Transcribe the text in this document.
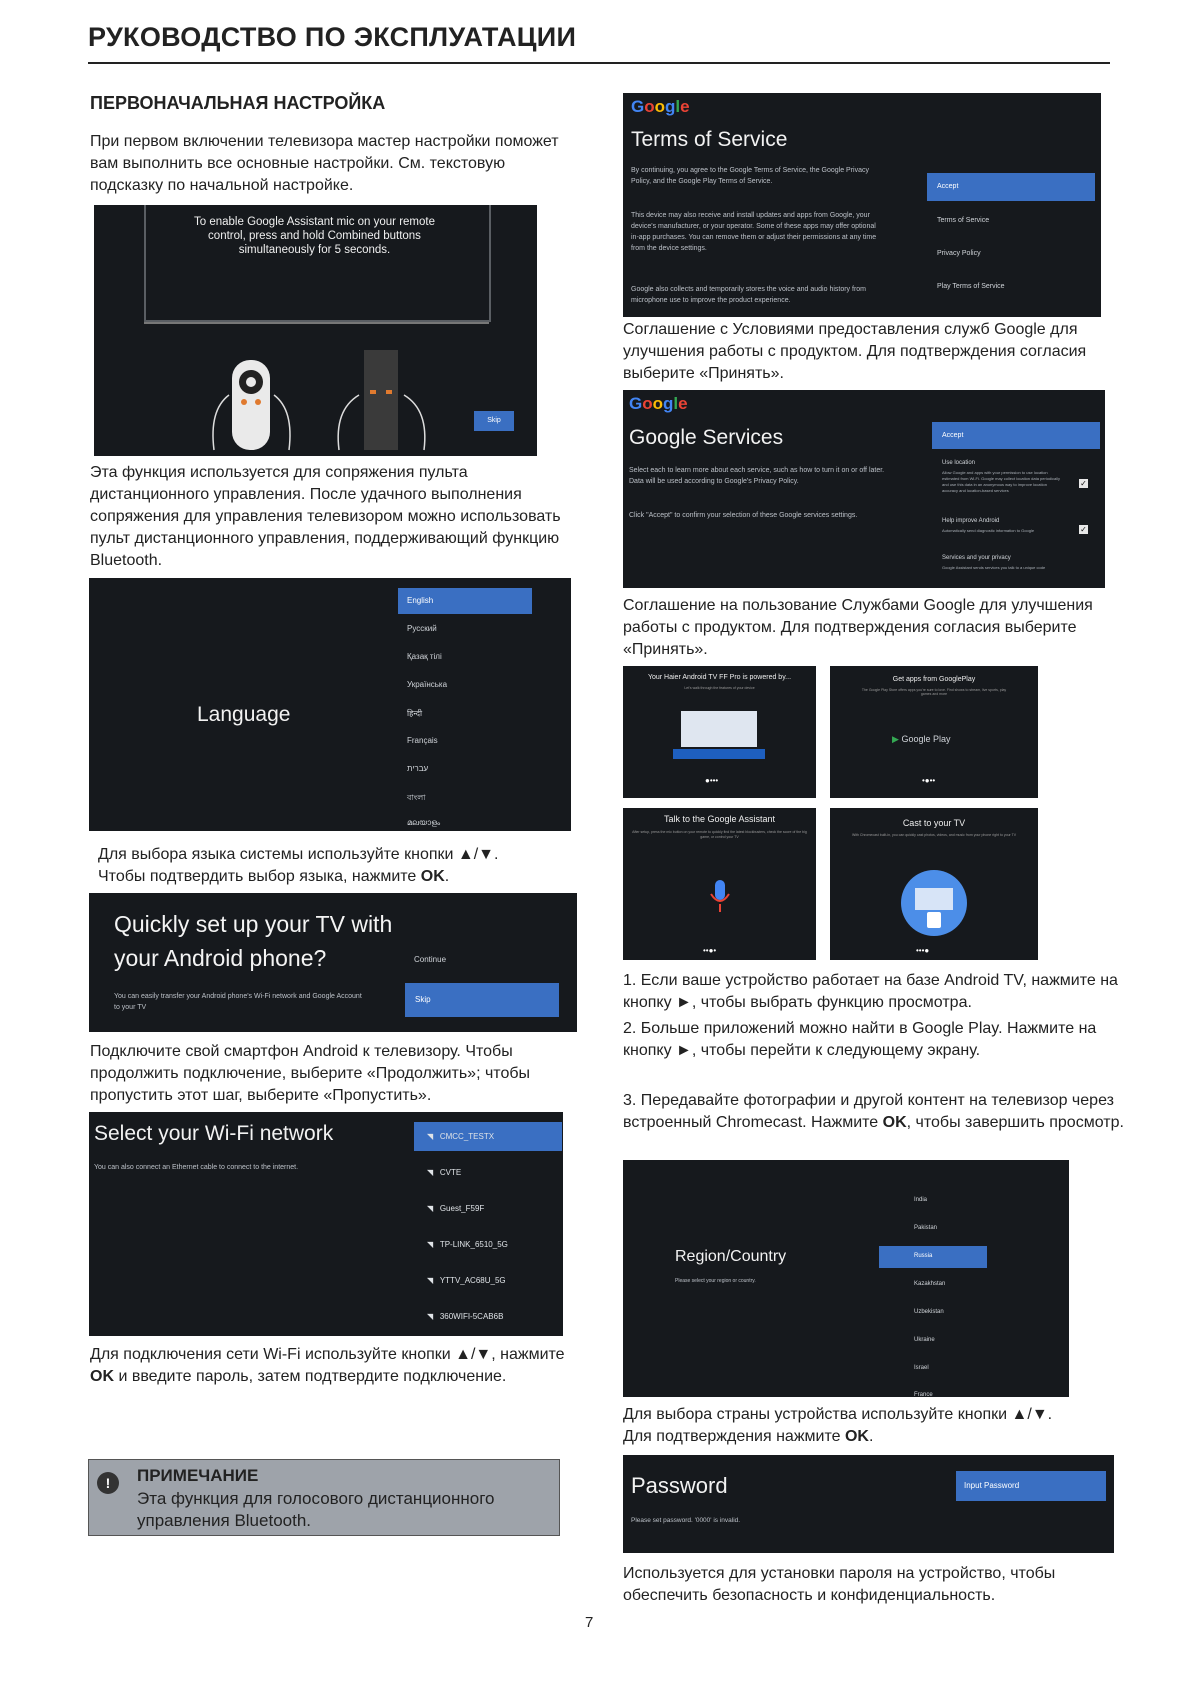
РУКОВОДСТВО ПО ЭКСПЛУАТАЦИИ
ПЕРВОНАЧАЛЬНАЯ НАСТРОЙКА
При первом включении телевизора мастер настройки поможет вам выполнить все основные настройки. См. текстовую подсказку по начальной настройке.
To enable Google Assistant mic on your remote control, press and hold Combined buttons simultaneously for 5 seconds.
Skip
Эта функция используется для сопряжения пульта дистанционного управления. После удачного выполнения сопряжения для управления телевизором можно использовать пульт дистанционного управления, поддерживающий функцию Bluetooth.
Language
English
Русский
Қазақ тілі
Українська
हिन्दी
Français
עברית
বাংলা
മലയാളം
Для выбора языка системы используйте кнопки ▲/▼.
Чтобы подтвердить выбор языка, нажмите OK.
Quickly set up your TV with
your Android phone?
You can easily transfer your Android phone's Wi-Fi network and Google Account to your TV
Continue
Skip
Подключите свой смартфон Android к телевизору. Чтобы продолжить подключение, выберите «Продолжить»; чтобы пропустить этот шаг, выберите «Пропустить».
Select your Wi-Fi network
You can also connect an Ethernet cable to connect to the internet.
◥ CMCC_TESTX
◥ CVTE
◥ Guest_F59F
◥ TP-LINK_6510_5G
◥ YTTV_AC68U_5G
◥ 360WIFI-5CAB6B
Для подключения сети Wi-Fi используйте кнопки ▲/▼, нажмите OK и введите пароль, затем подтвердите подключение.
!	ПРИМЕЧАНИЕ
Эта функция для голосового дистанционного управления Bluetooth.
Google
Terms of Service
By continuing, you agree to the Google Terms of Service, the Google Privacy Policy, and the Google Play Terms of Service.
This device may also receive and install updates and apps from Google, your device's manufacturer, or your operator. Some of these apps may offer optional in-app purchases. You can remove them or adjust their permissions at any time from the device settings.
Google also collects and temporarily stores the voice and audio history from microphone use to improve the product experience.
Accept
Terms of Service
Privacy Policy
Play Terms of Service
Соглашение с Условиями предоставления служб Google для улучшения работы с продуктом. Для подтверждения согласия выберите «Принять».
Google
Google Services
Select each to learn more about each service, such as how to turn it on or off later. Data will be used according to Google's Privacy Policy.
Click "Accept" to confirm your selection of these Google services settings.
Accept
Use location
Allow Google and apps with your permission to use location estimated from Wi-Fi. Google may collect location data periodically and use this data in an anonymous way to improve location accuracy and location-based services
✓
Help improve Android
Automatically send diagnostic information to Google	✓
Services and your privacy
Google Assistant sends services you talk to a unique code
Соглашение на пользование Службами Google для улучшения работы с продуктом. Для подтверждения согласия выберите «Принять».
Your Haier Android TV FF Pro is powered by...
Let's walk through the features of your device
●•••
Get apps from GooglePlay
The Google Play Store offers apps you're sure to love. Find shows to stream, live sports, play games and more
▶ Google Play
•●••
Talk to the Google Assistant
After setup, press the mic button on your remote to quickly find the latest blockbusters, check the score of the big game, or control your TV
••●•
Cast to your TV
With Chromecast built-in, you can quickly cast photos, videos, and music from your phone right to your TV
•••●
1. Если ваше устройство работает на базе Android TV, нажмите на кнопку ►, чтобы выбрать функцию просмотра.
2. Больше приложений можно найти в Google Play. Нажмите на кнопку ►, чтобы перейти к следующему экрану.
3. Передавайте фотографии и другой контент на телевизор через встроенный Chromecast. Нажмите OK, чтобы завершить просмотр.
Region/Country
Please select your region or country.
India
Pakistan
Russia
Kazakhstan
Uzbekistan
Ukraine
Israel
France
Для выбора страны устройства используйте кнопки ▲/▼.
Для подтверждения нажмите OK.
Password
Please set password. '0000' is invalid.
Input Password
Используется для установки пароля на устройство, чтобы обеспечить безопасность и конфиденциальность.
7
